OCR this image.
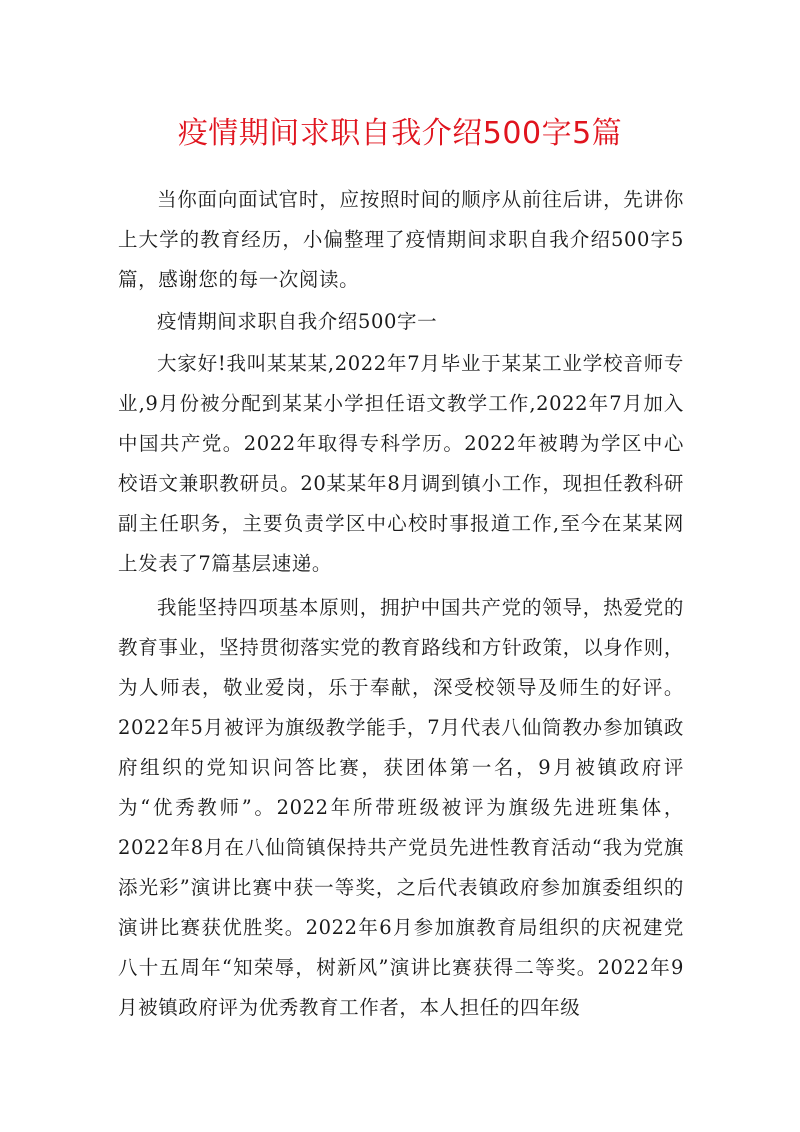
疫情期间求职自我介绍500字5篇

当你面向面试官时，应按照时间的顺序从前往后讲，先讲你上大学的教育经历，小偏整理了疫情期间求职自我介绍500字5篇，感谢您的每一次阅读。

疫情期间求职自我介绍500字一

大家好!我叫某某某,2022年7月毕业于某某工业学校音师专业,9月份被分配到某某小学担任语文教学工作,2022年7月加入中国共产党。2022年取得专科学历。2022年被聘为学区中心校语文兼职教研员。20某某年8月调到镇小工作，现担任教科研副主任职务，主要负责学区中心校时事报道工作,至今在某某网上发表了7篇基层速递。

我能坚持四项基本原则，拥护中国共产党的领导，热爱党的教育事业，坚持贯彻落实党的教育路线和方针政策，以身作则，为人师表，敬业爱岗，乐于奉献，深受校领导及师生的好评。2022年5月被评为旗级教学能手，7月代表八仙筒教办参加镇政府组织的党知识问答比赛，获团体第一名，9月被镇政府评为“优秀教师”。2022年所带班级被评为旗级先进班集体，2022年8月在八仙筒镇保持共产党员先进性教育活动“我为党旗添光彩”演讲比赛中获一等奖，之后代表镇政府参加旗委组织的演讲比赛获优胜奖。2022年6月参加旗教育局组织的庆祝建党八十五周年“知荣辱，树新风”演讲比赛获得二等奖。2022年9月被镇政府评为优秀教育工作者，本人担任的四年级
